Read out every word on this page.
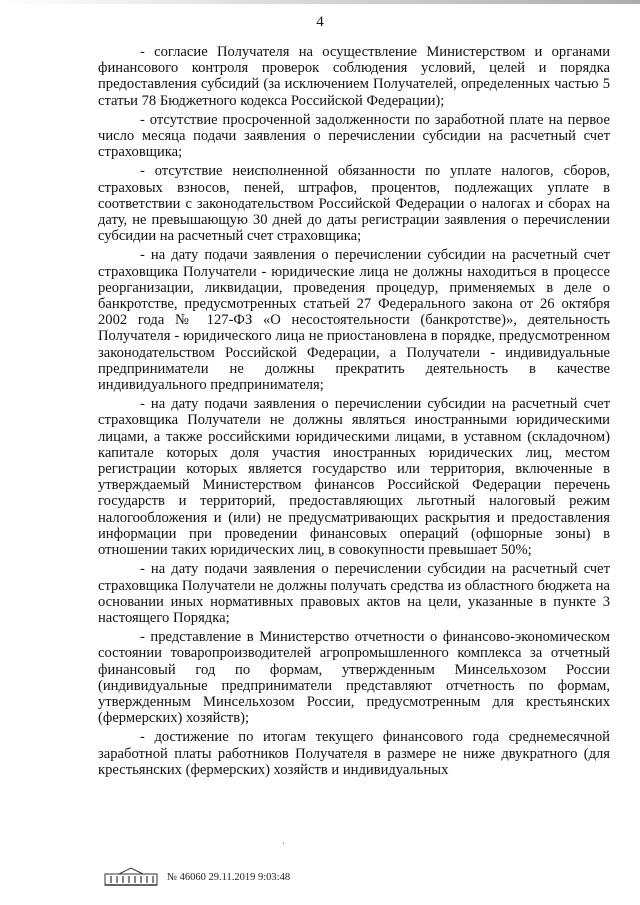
4

- согласие Получателя на осуществление Министерством и органами финансового контроля проверок соблюдения условий, целей и порядка предоставления субсидий (за исключением Получателей, определенных частью 5 статьи 78 Бюджетного кодекса Российской Федерации);

- отсутствие просроченной задолженности по заработной плате на первое число месяца подачи заявления о перечислении субсидии на расчетный счет страховщика;

- отсутствие неисполненной обязанности по уплате налогов, сборов, страховых взносов, пеней, штрафов, процентов, подлежащих уплате в соответствии с законодательством Российской Федерации о налогах и сборах на дату, не превышающую 30 дней до даты регистрации заявления о перечислении субсидии на расчетный счет страховщика;

- на дату подачи заявления о перечислении субсидии на расчетный счет страховщика Получатели - юридические лица не должны находиться в процессе реорганизации, ликвидации, проведения процедур, применяемых в деле о банкротстве, предусмотренных статьей 27 Федерального закона от 26 октября 2002 года № 127-ФЗ «О несостоятельности (банкротстве)», деятельность Получателя - юридического лица не приостановлена в порядке, предусмотренном законодательством Российской Федерации, а Получатели - индивидуальные предприниматели не должны прекратить деятельность в качестве индивидуального предпринимателя;

- на дату подачи заявления о перечислении субсидии на расчетный счет страховщика Получатели не должны являться иностранными юридическими лицами, а также российскими юридическими лицами, в уставном (складочном) капитале которых доля участия иностранных юридических лиц, местом регистрации которых является государство или территория, включенные в утверждаемый Министерством финансов Российской Федерации перечень государств и территорий, предоставляющих льготный налоговый режим налогообложения и (или) не предусматривающих раскрытия и предоставления информации при проведении финансовых операций (офшорные зоны) в отношении таких юридических лиц, в совокупности превышает 50%;

- на дату подачи заявления о перечислении субсидии на расчетный счет страховщика Получатели не должны получать средства из областного бюджета на основании иных нормативных правовых актов на цели, указанные в пункте 3 настоящего Порядка;

- представление в Министерство отчетности о финансово-экономическом состоянии товаропроизводителей агропромышленного комплекса за отчетный финансовый год по формам, утвержденным Минсельхозом России (индивидуальные предприниматели представляют отчетность по формам, утвержденным Минсельхозом России, предусмотренным для крестьянских (фермерских) хозяйств);

- достижение по итогам текущего финансового года среднемесячной заработной платы работников Получателя в размере не ниже двукратного (для крестьянских (фермерских) хозяйств и индивидуальных

·
№ 46060 29.11.2019 9:03:48
